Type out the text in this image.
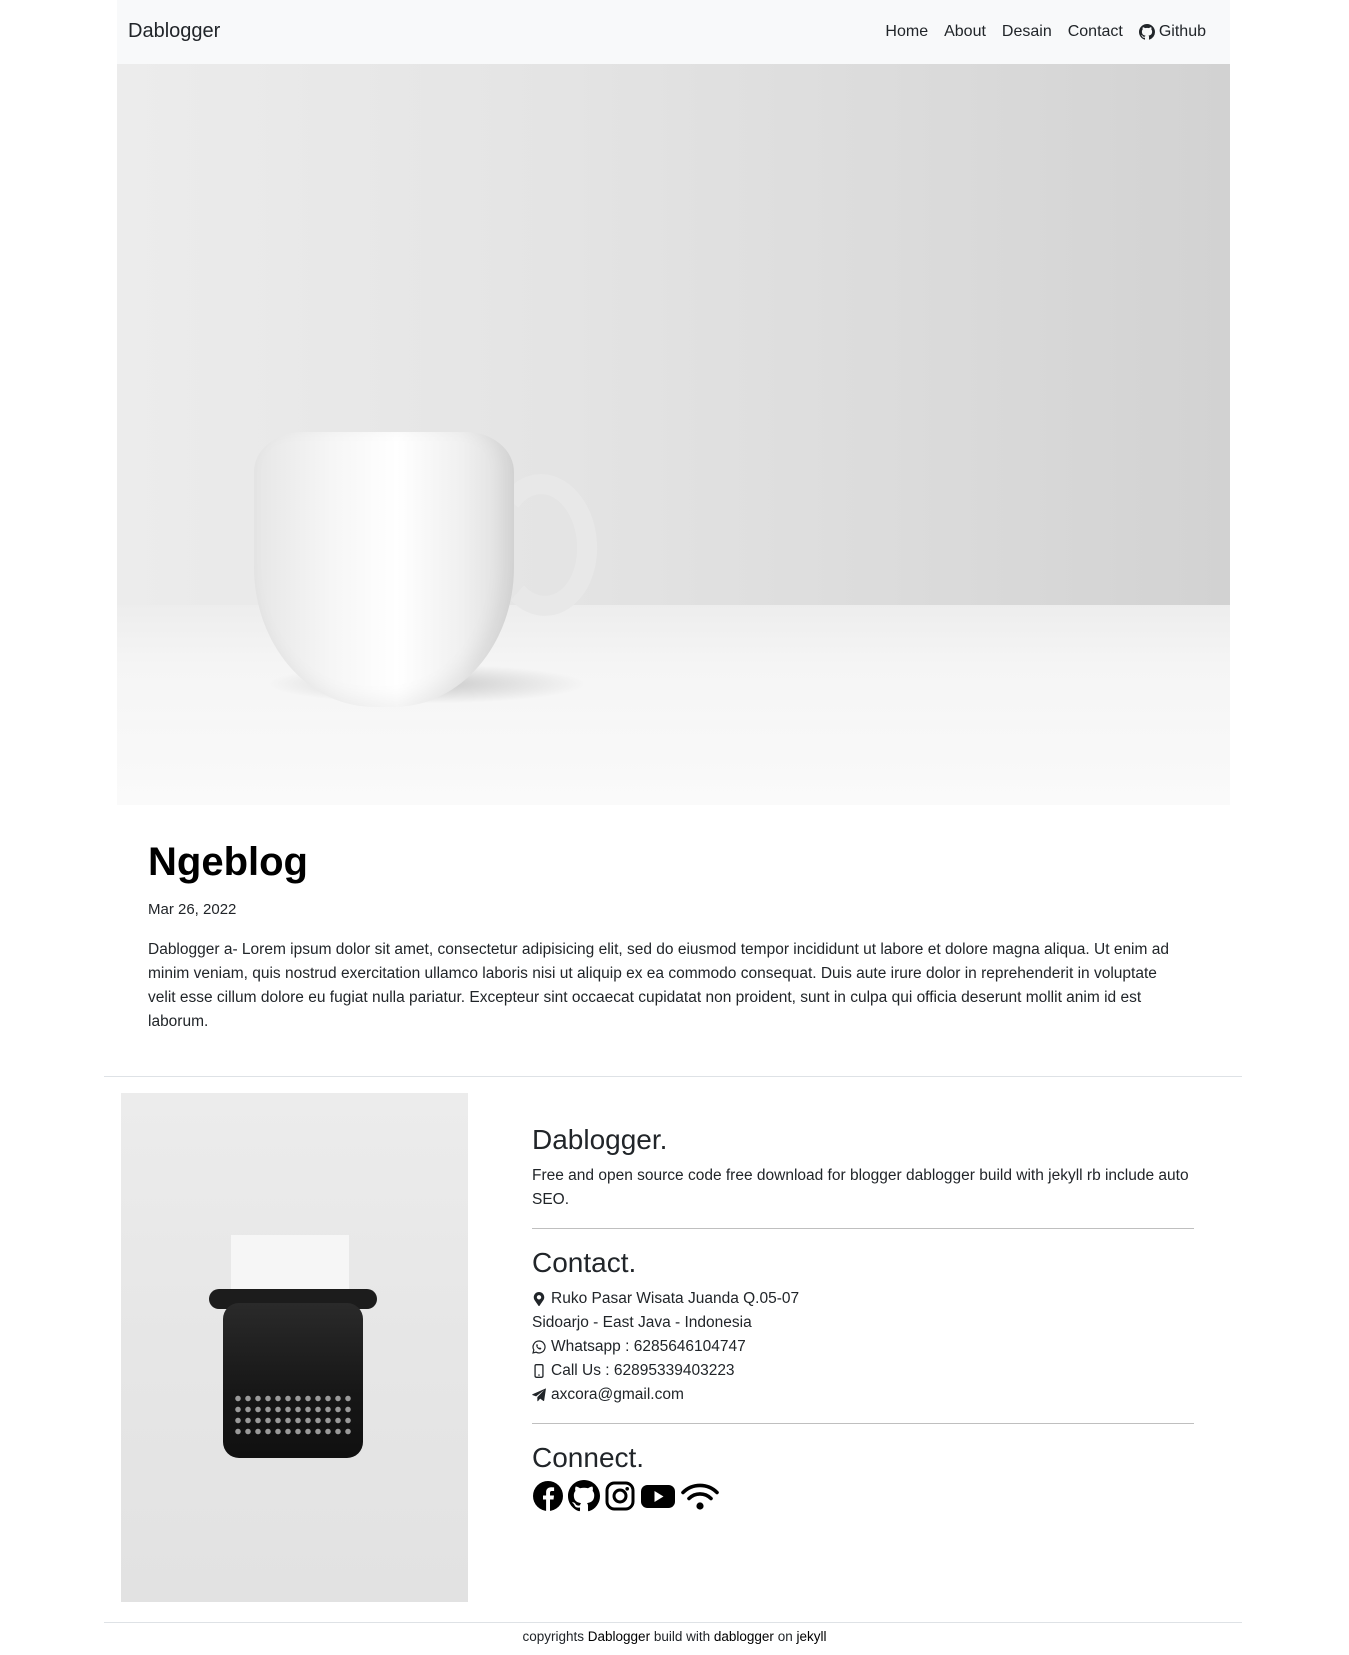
Dablogger	Home About Desain Contact Github
Ngeblog
Mar 26, 2022

Dablogger a- Lorem ipsum dolor sit amet, consectetur adipisicing elit, sed do eiusmod tempor incididunt ut labore et dolore magna aliqua. Ut enim ad minim veniam, quis nostrud exercitation ullamco laboris nisi ut aliquip ex ea commodo consequat. Duis aute irure dolor in reprehenderit in voluptate velit esse cillum dolore eu fugiat nulla pariatur. Excepteur sint occaecat cupidatat non proident, sunt in culpa qui officia deserunt mollit anim id est laborum.

Dablogger.

Free and open source code free download for blogger dablogger build with jekyll rb include auto SEO.

Contact.
Ruko Pasar Wisata Juanda Q.05-07
Sidoarjo - East Java - Indonesia
Whatsapp : 6285646104747
Call Us : 62895339403223
axcora@gmail.com
Connect.
copyrights Dablogger build with dablogger on jekyll
